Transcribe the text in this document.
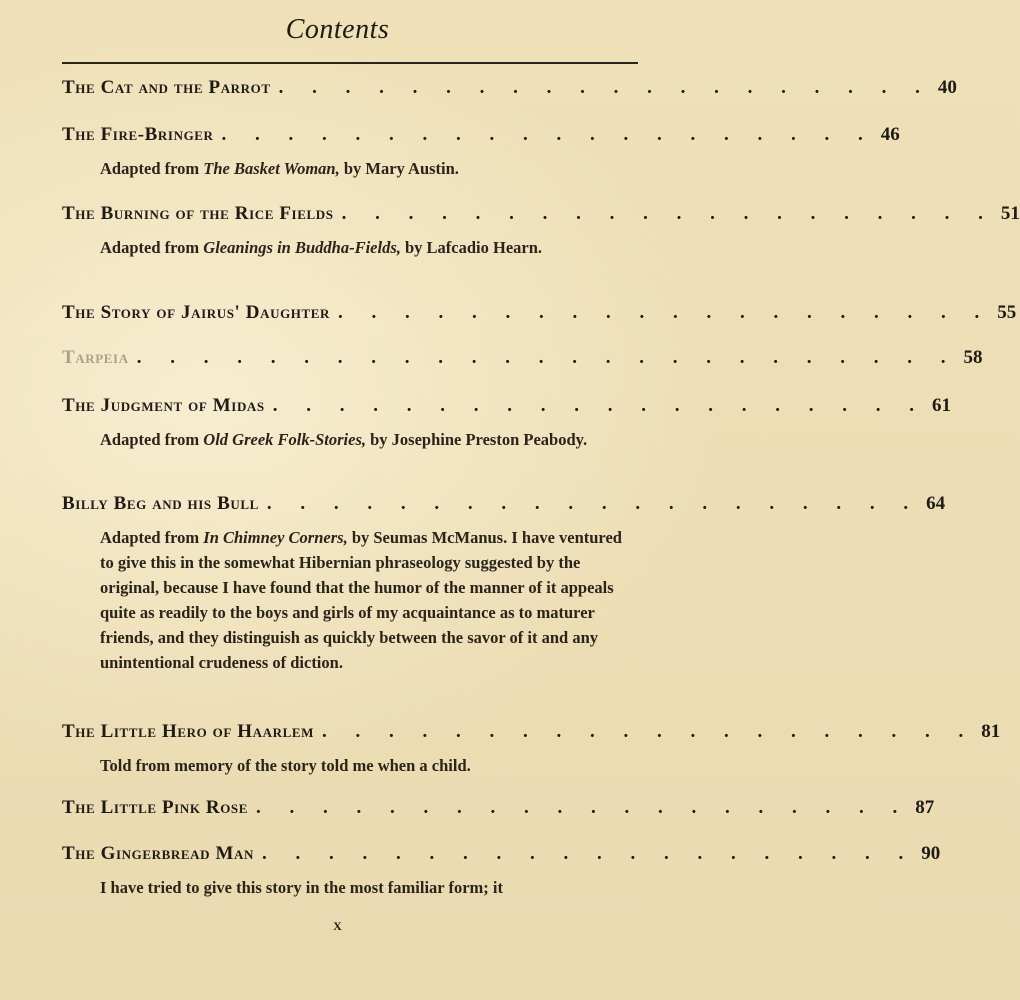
Contents
The Cat and the Parrot . . . . . . . . . . . . . . . . . . . . 40
The Fire-Bringer . . . . . . . . . . . . . . . . . . . . 46
Adapted from The Basket Woman, by Mary Austin.
The Burning of the Rice Fields . . . . . . . . . . . . . . . . . . . . 51
Adapted from Gleanings in Buddha-Fields, by Lafcadio Hearn.
The Story of Jairus' Daughter . . . . . . . . . . . . . . . . . . . . 55
Tarpeia . . . . . . . . . . . . . . . . . . . . . . . . . 58
The Judgment of Midas . . . . . . . . . . . . . . . . . . . . 61
Adapted from Old Greek Folk-Stories, by Josephine Preston Peabody.
Billy Beg and his Bull . . . . . . . . . . . . . . . . . . . . 64
Adapted from In Chimney Corners, by Seumas McManus. I have ventured to give this in the somewhat Hibernian phraseology suggested by the original, because I have found that the humor of the manner of it appeals quite as readily to the boys and girls of my acquaintance as to maturer friends, and they distinguish as quickly between the savor of it and any unintentional crudeness of diction.
The Little Hero of Haarlem . . . . . . . . . . . . . . . . . . . . 81
Told from memory of the story told me when a child.
The Little Pink Rose . . . . . . . . . . . . . . . . . . . . 87
The Gingerbread Man . . . . . . . . . . . . . . . . . . . . 90
I have tried to give this story in the most familiar form; it
x
